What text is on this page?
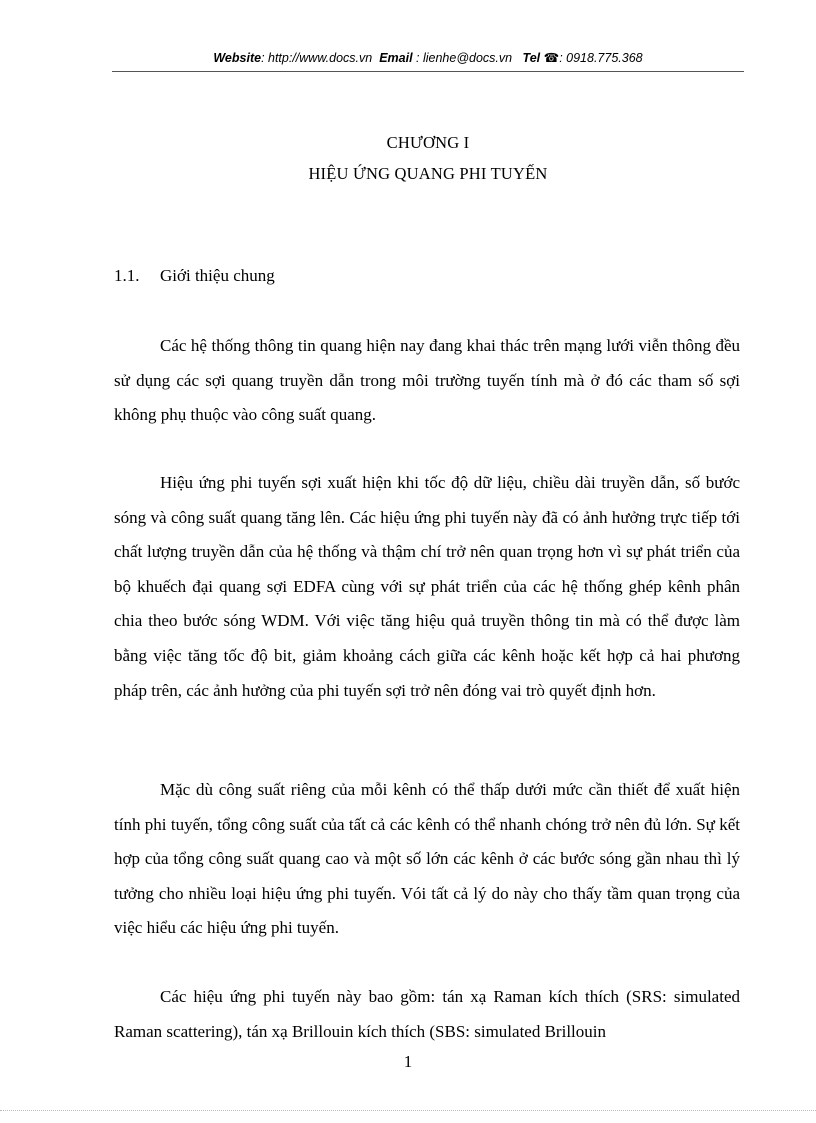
Website: http://www.docs.vn Email : lienhe@docs.vn Tel ☎: 0918.775.368
CHƯƠNG I
HIỆU ỨNG QUANG PHI TUYẾN
1.1. Giới thiệu chung

Các hệ thống thông tin quang hiện nay đang khai thác trên mạng lưới viễn thông đều sử dụng các sợi quang truyền dẫn trong môi trường tuyến tính mà ở đó các tham số sợi không phụ thuộc vào công suất quang.

Hiệu ứng phi tuyến sợi xuất hiện khi tốc độ dữ liệu, chiều dài truyền dẫn, số bước sóng và công suất quang tăng lên. Các hiệu ứng phi tuyến này đã có ảnh hưởng trực tiếp tới chất lượng truyền dẫn của hệ thống và thậm chí trở nên quan trọng hơn vì sự phát triển của bộ khuếch đại quang sợi EDFA cùng với sự phát triển của các hệ thống ghép kênh phân chia theo bước sóng WDM. Với việc tăng hiệu quả truyền thông tin mà có thể được làm bằng việc tăng tốc độ bit, giảm khoảng cách giữa các kênh hoặc kết hợp cả hai phương pháp trên, các ảnh hưởng của phi tuyến sợi trở nên đóng vai trò quyết định hơn.

Mặc dù công suất riêng của mỗi kênh có thể thấp dưới mức cần thiết để xuất hiện tính phi tuyến, tổng công suất của tất cả các kênh có thể nhanh chóng trở nên đủ lớn. Sự kết hợp của tổng công suất quang cao và một số lớn các kênh ở các bước sóng gần nhau thì lý tưởng cho nhiều loại hiệu ứng phi tuyến. Vói tất cả lý do này cho thấy tầm quan trọng của việc hiểu các hiệu ứng phi tuyến.

Các hiệu ứng phi tuyến này bao gồm: tán xạ Raman kích thích (SRS: simulated Raman scattering), tán xạ Brillouin kích thích (SBS: simulated Brillouin

1
